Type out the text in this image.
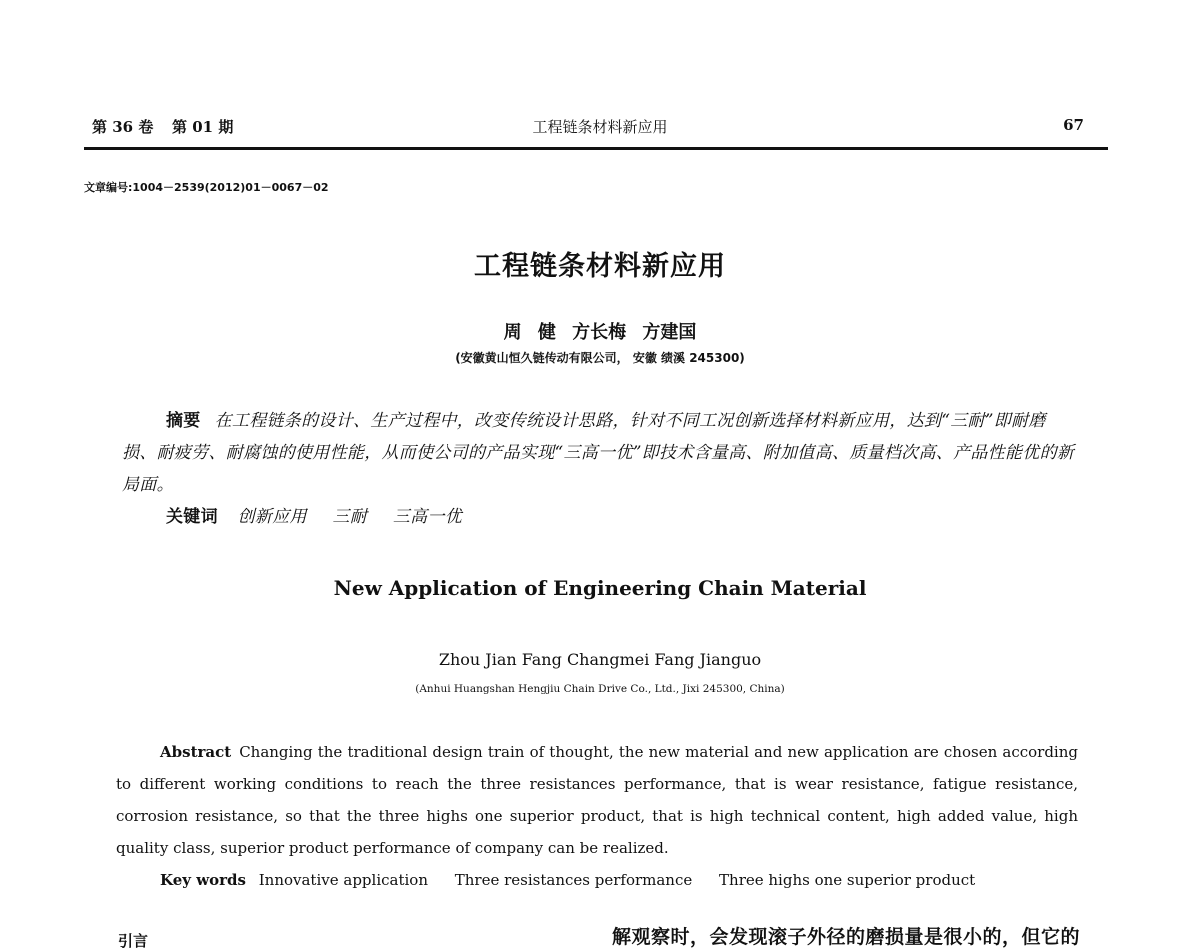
第 36 卷 第 01 期	工程链条材料新应用	67
文章编号:1004－2539(2012)01－0067－02
工程链条材料新应用
周 健 方长梅 方建国
(安徽黄山恒久链传动有限公司， 安徽 绩溪 245300)

摘要 在工程链条的设计、生产过程中，改变传统设计思路，针对不同工况创新选择材料新应用，达到“三耐”即耐磨损、耐疲劳、耐腐蚀的使用性能，从而使公司的产品实现“三高一优”即技术含量高、附加值高、质量档次高、产品性能优的新局面。

关键词 创新应用 三耐 三高一优

New Application of Engineering Chain Material
Zhou Jian Fang Changmei Fang Jianguo
(Anhui Huangshan Hengjiu Chain Drive Co., Ltd., Jixi 245300, China)

Abstract Changing the traditional design train of thought, the new material and new application are chosen according to different working conditions to reach the three resistances performance, that is wear resistance, fatigue resistance, corrosion resistance, so that the three highs one superior product, that is high technical content, high added value, high quality class, superior product performance of company can be realized.

Key words Innovative application Three resistances performance Three highs one superior product

引言	解观察时，会发现滚子外径的磨损量是很小的，但它的
